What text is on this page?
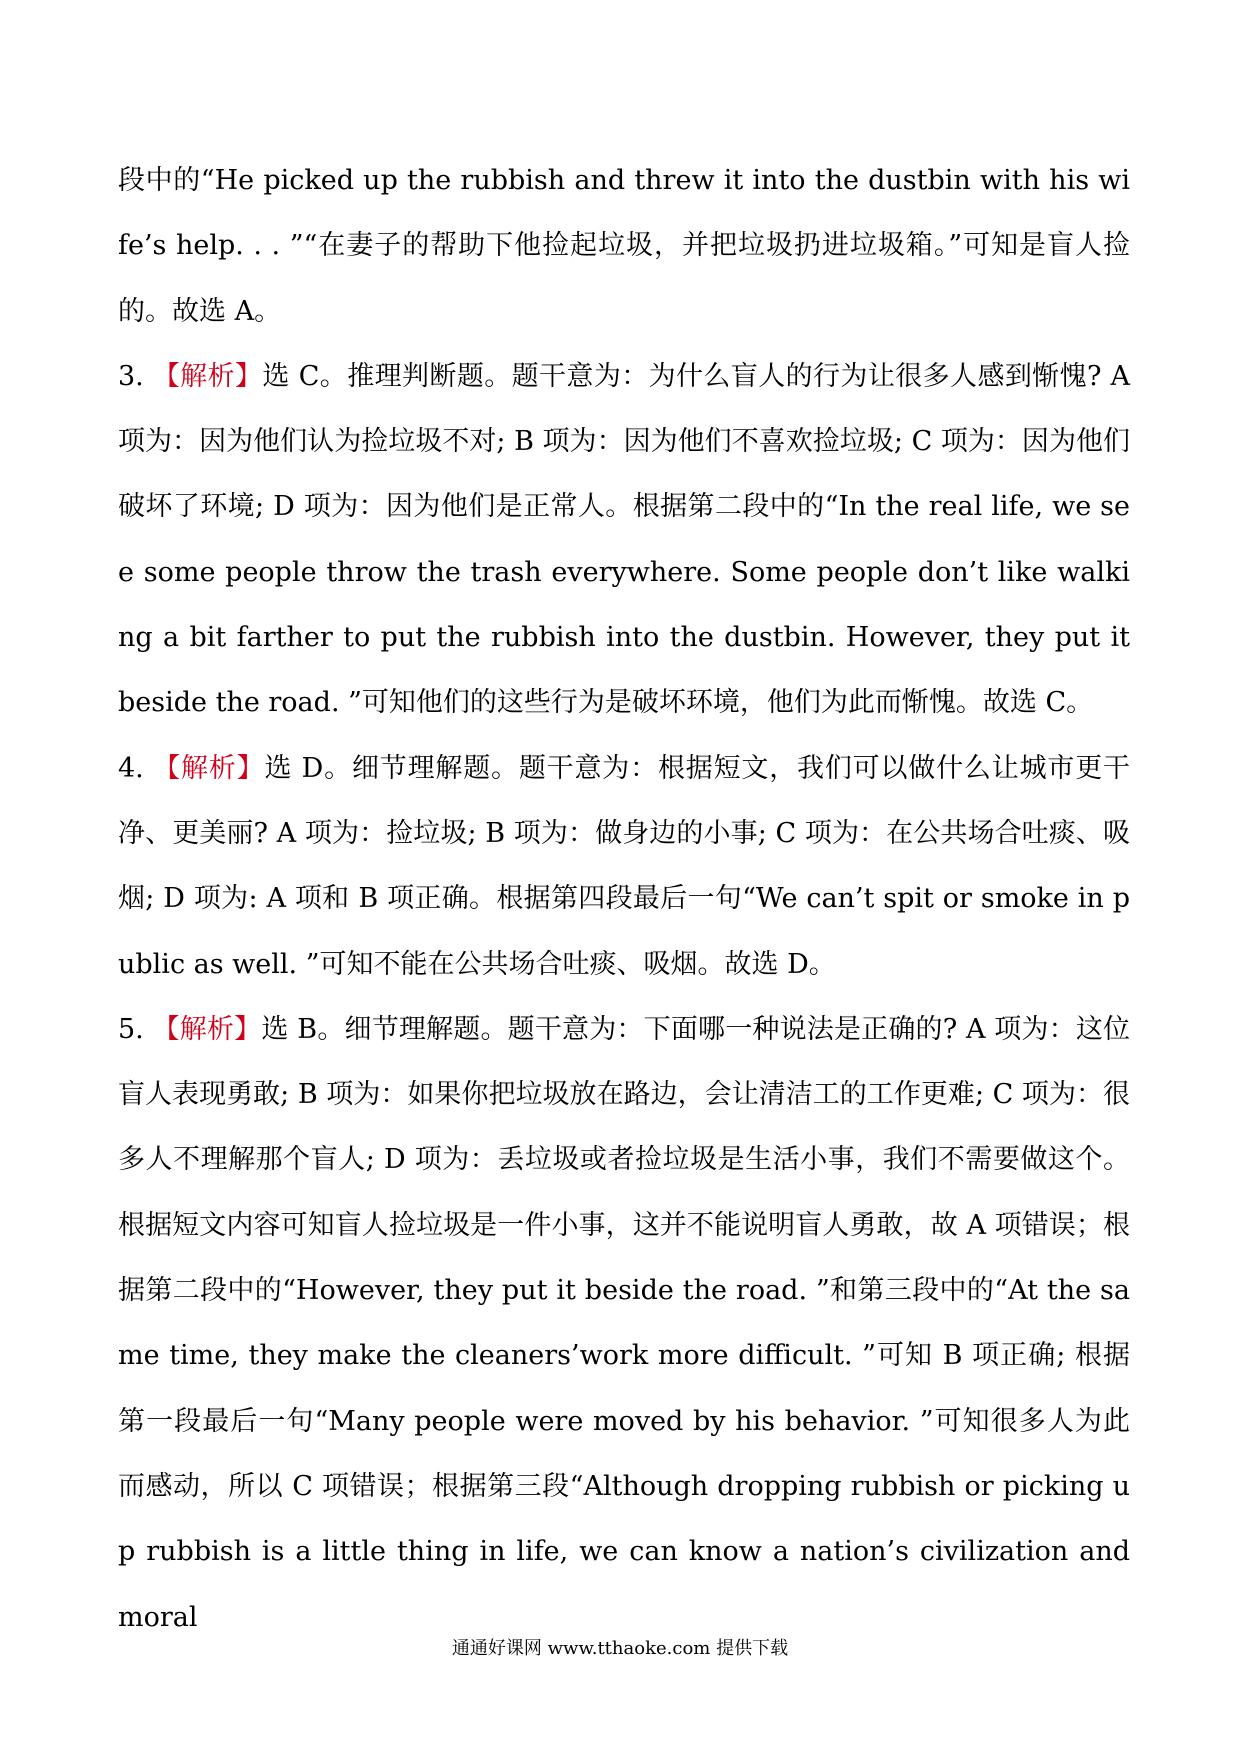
段中的“He picked up the rubbish and threw it into the dustbin with his wife’s help. . . ”“在妻子的帮助下他捡起垃圾，并把垃圾扔进垃圾箱。”可知是盲人捡的。故选 A。

3. 【解析】选 C。推理判断题。题干意为：为什么盲人的行为让很多人感到惭愧? A 项为：因为他们认为捡垃圾不对; B 项为：因为他们不喜欢捡垃圾; C 项为：因为他们破坏了环境; D 项为：因为他们是正常人。根据第二段中的“In the real life, we see some people throw the trash everywhere. Some people don’t like walking a bit farther to put the rubbish into the dustbin. However, they put it beside the road. ”可知他们的这些行为是破坏环境，他们为此而惭愧。故选 C。

4. 【解析】选 D。细节理解题。题干意为：根据短文，我们可以做什么让城市更干净、更美丽? A 项为：捡垃圾; B 项为：做身边的小事; C 项为：在公共场合吐痰、吸烟; D 项为: A 项和 B 项正确。根据第四段最后一句“We can’t spit or smoke in public as well. ”可知不能在公共场合吐痰、吸烟。故选 D。

5. 【解析】选 B。细节理解题。题干意为：下面哪一种说法是正确的? A 项为：这位盲人表现勇敢; B 项为：如果你把垃圾放在路边，会让清洁工的工作更难; C 项为：很多人不理解那个盲人; D 项为：丢垃圾或者捡垃圾是生活小事，我们不需要做这个。根据短文内容可知盲人捡垃圾是一件小事，这并不能说明盲人勇敢，故 A 项错误；根据第二段中的“However, they put it beside the road. ”和第三段中的“At the same time, they make the cleaners’work more difficult. ”可知 B 项正确; 根据第一段最后一句“Many people were moved by his behavior. ”可知很多人为此而感动，所以 C 项错误；根据第三段“Although dropping rubbish or picking up rubbish is a little thing in life, we can know a nation’s civilization and moral

通通好课网 www.tthaoke.com 提供下载
